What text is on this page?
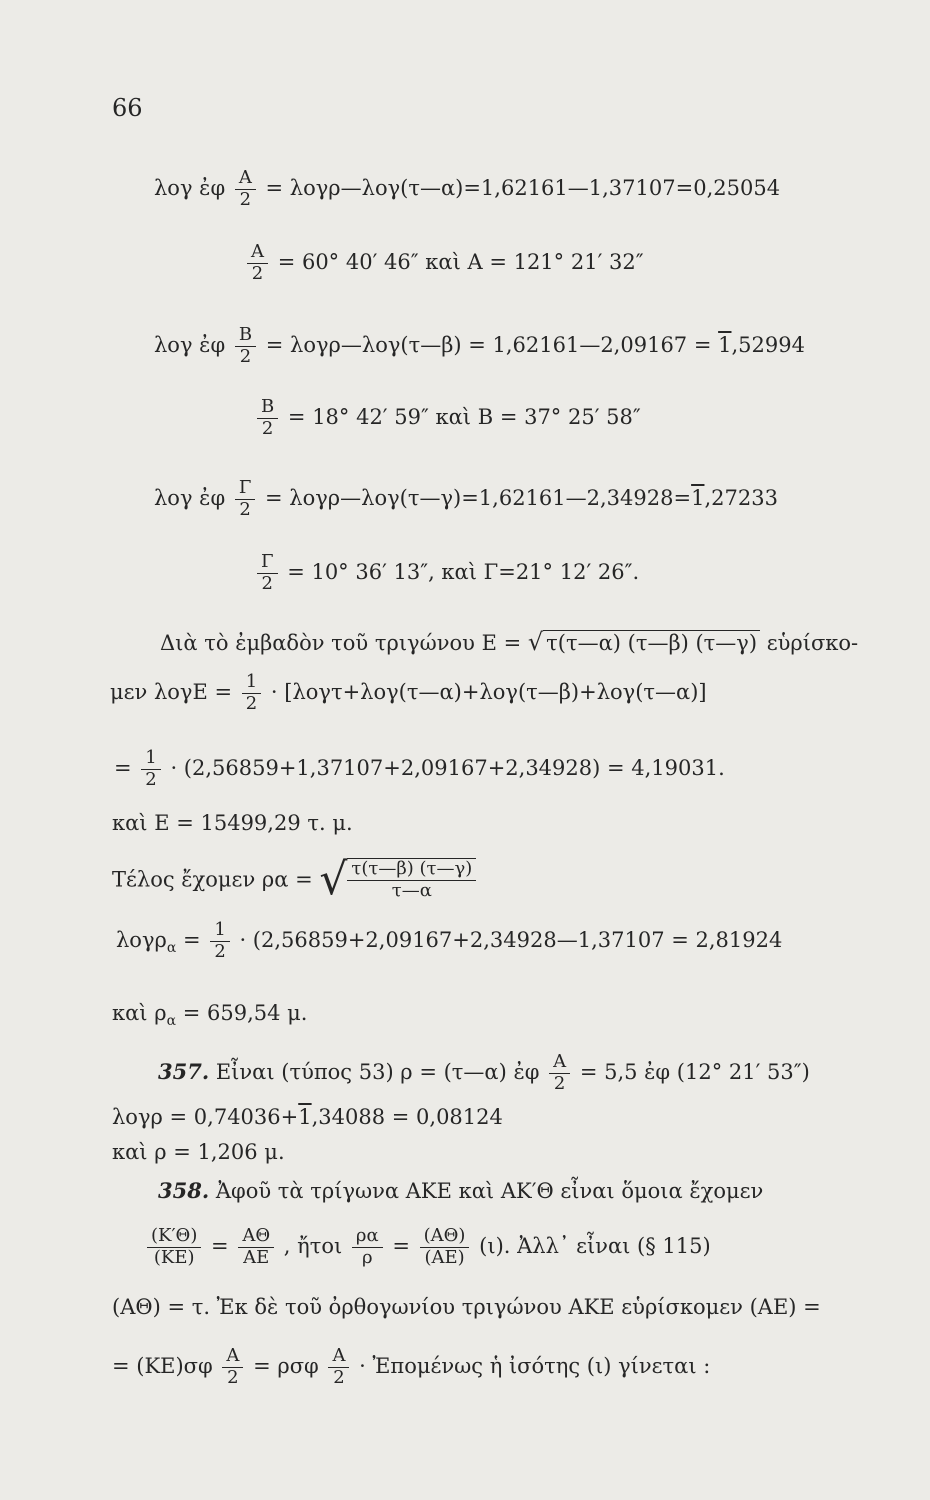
66
λογ ἐφ $\frac{A}{2}$ = λογρ—λογ(τ—α)=1,62161—1,37107=0,25054
$\frac{A}{2} = 60^\circ$ 40′ 46″ καὶ A = 121° 21′ 32″
λογ ἐφ $\frac{B}{2}$ = λογρ—λογ(τ—β) = 1,62161—2,09167 = 1,52994
$\frac{B}{2} = 18^\circ$ 42′ 59″ καὶ B = 37° 25′ 58″
λογ ἐφ $\frac{\Gamma}{2}$ = λογρ—λογ(τ—γ)=1,62161—2,34928=1,27233
$\frac{\Gamma}{2} = 10^\circ$ 36′ 13″, καὶ Γ=21° 12′ 26″.
Διὰ τὸ ἐμβαδὸν τοῦ τριγώνου E = √ τ(τ—α) (τ—β) (τ—γ) εὑρίσκο-
μεν $\lambda o\gamma E = \frac{1}{2}$ · [λογτ+λογ(τ—α)+λογ(τ—β)+λογ(τ—α)]
= $\frac{1}{2} \cdot (2,56859+1,37107+2,09167+2,34928) = 4,19031$.
καὶ E = 15499,29 τ. μ.
Τέλος ἔχομεν ρα = √ $\frac{\tau(\tau—\beta) (\tau—\gamma)}{\tau—\alpha}$
$\lambda o\gamma\rho_\alpha = \frac{1}{2}$ · (2,56859+2,09167+2,34928—1,37107 = 2,81924
καὶ $\rho_\alpha = 659,54$ μ.
357. Εἶναι (τύπος 53) ρ = (τ—α) ἐφ $\frac{A}{2} = 5,5$ ἐφ (12° 21′ 53″)
λογρ = 0,74036+1,34088 = 0,08124
καὶ ρ = 1,206 μ.
358. Ἀφοῦ τὰ τρίγωνα AKE καὶ AK′Θ εἶναι ὅμοια ἔχομεν
$\frac{(K'\Theta)}{(KE)} = \frac{A\Theta}{AE}$ , ἤτοι $\frac{\rho\alpha}{\rho} = \frac{(A\Theta)}{(AE)} (\iota)$. Ἀλλ᾽ εἶναι (§ 115)
(AΘ) = τ. Ἐκ δὲ τοῦ ὀρθογωνίου τριγώνου AKE εὑρίσκομεν (AE) =
= $(KE)\sigma\varphi \frac{A}{2} = \rho\sigma\varphi \frac{A}{2}$ · Ἐπομένως ἡ ἰσότης (ι) γίνεται :
